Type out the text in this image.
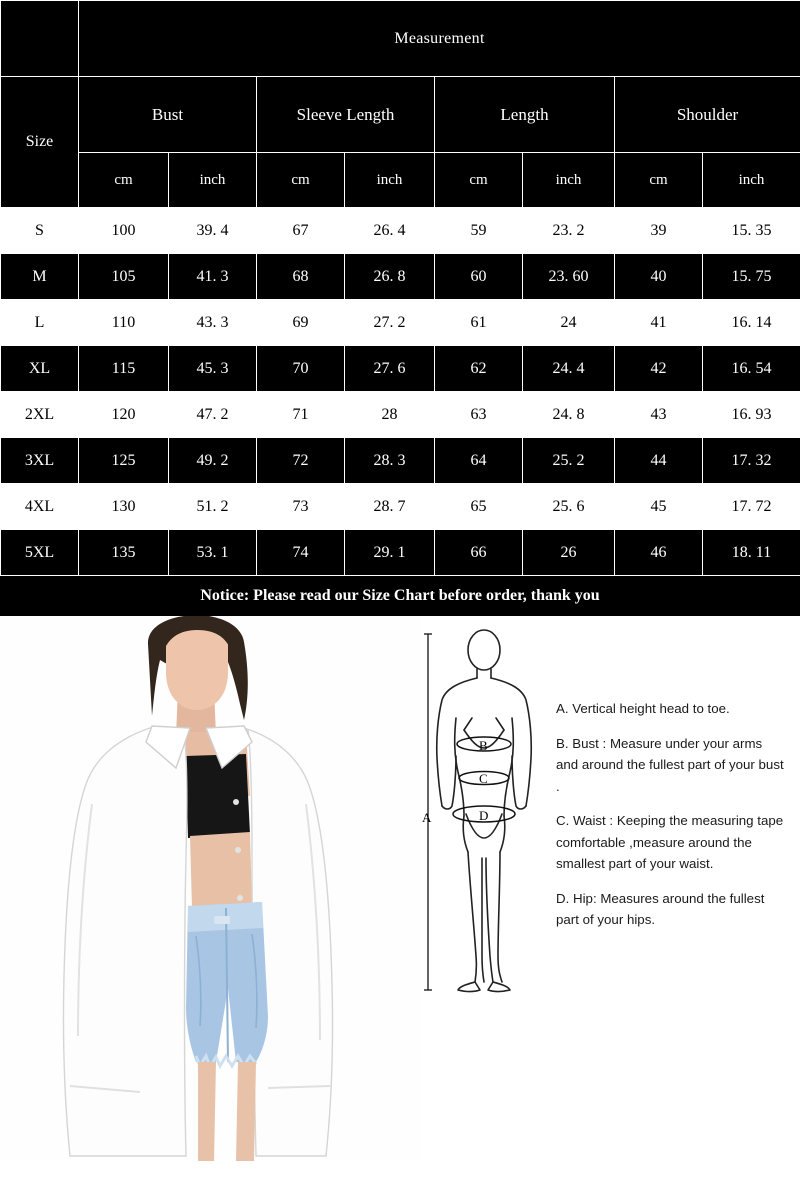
	Measurement							
Size	Bust		Sleeve Length		Length		Shoulder	
	cm	inch	cm	inch	cm	inch	cm	inch
S	100	39. 4	67	26. 4	59	23. 2	39	15. 35
M	105	41. 3	68	26. 8	60	23. 60	40	15. 75
L	110	43. 3	69	27. 2	61	24	41	16. 14
XL	115	45. 3	70	27. 6	62	24. 4	42	16. 54
2XL	120	47. 2	71	28	63	24. 8	43	16. 93
3XL	125	49. 2	72	28. 3	64	25. 2	44	17. 32
4XL	130	51. 2	73	28. 7	65	25. 6	45	17. 72
5XL	135	53. 1	74	29. 1	66	26	46	18. 11
Notice: Please read our Size Chart before order, thank you
A
B
C
D

A. Vertical height head to toe.

B. Bust : Measure under your arms and around the fullest part of your bust .

C. Waist : Keeping the measuring tape comfortable ,measure around the smallest part of your waist.

D. Hip: Measures around the fullest part of your hips.
